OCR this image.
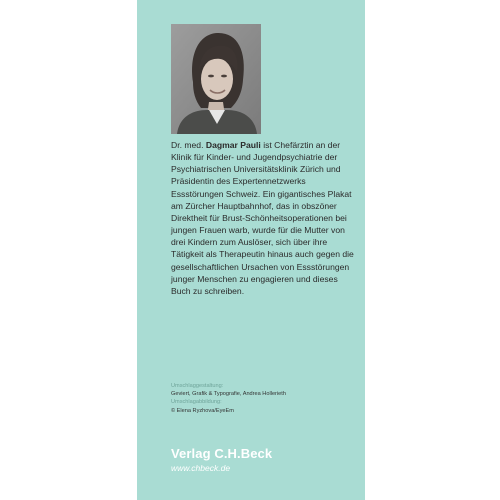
Dr. med. Dagmar Pauli ist Chefärztin an der Klinik für Kinder- und Jugendpsychiatrie der Psychiatrischen Universitätsklinik Zürich und Präsidentin des Expertennetzwerks Essstörungen Schweiz. Ein gigantisches Plakat am Zürcher Hauptbahnhof, das in obszöner Direktheit für Brust-Schönheitsoperationen bei jungen Frauen warb, wurde für die Mutter von drei Kindern zum Auslöser, sich über ihre Tätigkeit als Therapeutin hinaus auch gegen die gesellschaftlichen Ursachen von Essstörungen junger Menschen zu engagieren und dieses Buch zu schreiben.

Umschlaggestaltung:
Geviert, Grafik & Typografie, Andrea Hollerieth
Umschlagabbildung:
© Elena Ryzhova/EyeEm
Verlag C.H.Beck
www.chbeck.de
